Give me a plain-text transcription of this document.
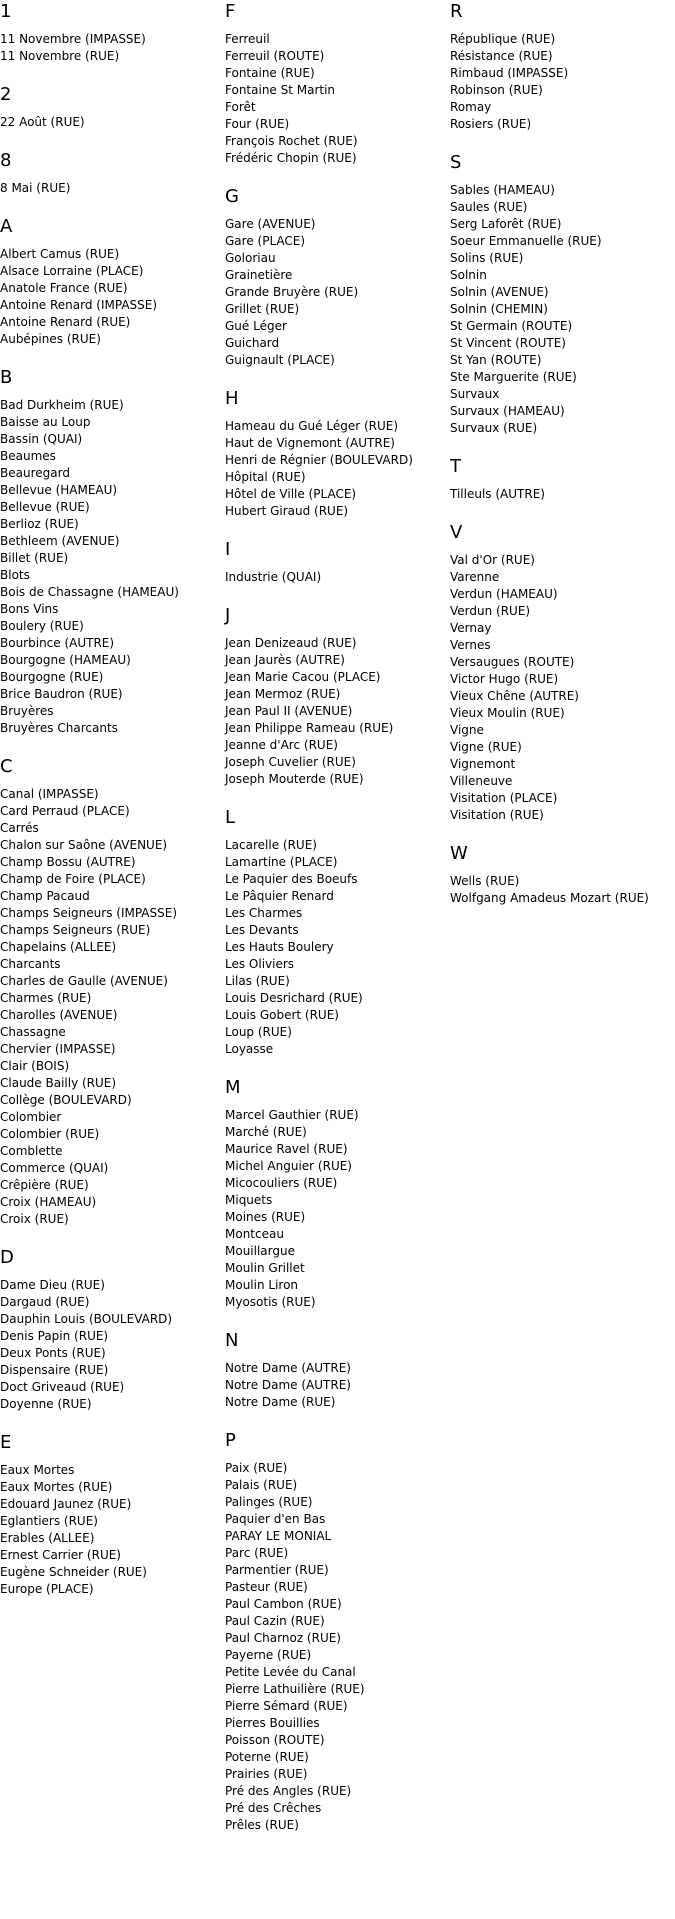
1
11 Novembre (IMPASSE)
11 Novembre (RUE)
2
22 Août (RUE)
8
8 Mai (RUE)
A
Albert Camus (RUE)
Alsace Lorraine (PLACE)
Anatole France (RUE)
Antoine Renard (IMPASSE)
Antoine Renard (RUE)
Aubépines (RUE)
B
Bad Durkheim (RUE)
Baisse au Loup
Bassin (QUAI)
Beaumes
Beauregard
Bellevue (HAMEAU)
Bellevue (RUE)
Berlioz (RUE)
Bethleem (AVENUE)
Billet (RUE)
Blots
Bois de Chassagne (HAMEAU)
Bons Vins
Boulery (RUE)
Bourbince (AUTRE)
Bourgogne (HAMEAU)
Bourgogne (RUE)
Brice Baudron (RUE)
Bruyères
Bruyères Charcants
C
Canal (IMPASSE)
Card Perraud (PLACE)
Carrés
Chalon sur Saône (AVENUE)
Champ Bossu (AUTRE)
Champ de Foire (PLACE)
Champ Pacaud
Champs Seigneurs (IMPASSE)
Champs Seigneurs (RUE)
Chapelains (ALLEE)
Charcants
Charles de Gaulle (AVENUE)
Charmes (RUE)
Charolles (AVENUE)
Chassagne
Chervier (IMPASSE)
Clair (BOIS)
Claude Bailly (RUE)
Collège (BOULEVARD)
Colombier
Colombier (RUE)
Comblette
Commerce (QUAI)
Crêpière (RUE)
Croix (HAMEAU)
Croix (RUE)
D
Dame Dieu (RUE)
Dargaud (RUE)
Dauphin Louis (BOULEVARD)
Denis Papin (RUE)
Deux Ponts (RUE)
Dispensaire (RUE)
Doct Griveaud (RUE)
Doyenne (RUE)
E
Eaux Mortes
Eaux Mortes (RUE)
Edouard Jaunez (RUE)
Eglantiers (RUE)
Erables (ALLEE)
Ernest Carrier (RUE)
Eugène Schneider (RUE)
Europe (PLACE)
F
Ferreuil
Ferreuil (ROUTE)
Fontaine (RUE)
Fontaine St Martin
Forêt
Four (RUE)
François Rochet (RUE)
Frédéric Chopin (RUE)
G
Gare (AVENUE)
Gare (PLACE)
Goloriau
Grainetière
Grande Bruyère (RUE)
Grillet (RUE)
Gué Léger
Guichard
Guignault (PLACE)
H
Hameau du Gué Léger (RUE)
Haut de Vignemont (AUTRE)
Henri de Régnier (BOULEVARD)
Hôpital (RUE)
Hôtel de Ville (PLACE)
Hubert Giraud (RUE)
I
Industrie (QUAI)
J
Jean Denizeaud (RUE)
Jean Jaurès (AUTRE)
Jean Marie Cacou (PLACE)
Jean Mermoz (RUE)
Jean Paul II (AVENUE)
Jean Philippe Rameau (RUE)
Jeanne d'Arc (RUE)
Joseph Cuvelier (RUE)
Joseph Mouterde (RUE)
L
Lacarelle (RUE)
Lamartine (PLACE)
Le Paquier des Boeufs
Le Pâquier Renard
Les Charmes
Les Devants
Les Hauts Boulery
Les Oliviers
Lilas (RUE)
Louis Desrichard (RUE)
Louis Gobert (RUE)
Loup (RUE)
Loyasse
M
Marcel Gauthier (RUE)
Marché (RUE)
Maurice Ravel (RUE)
Michel Anguier (RUE)
Micocouliers (RUE)
Miquets
Moines (RUE)
Montceau
Mouillargue
Moulin Grillet
Moulin Liron
Myosotis (RUE)
N
Notre Dame (AUTRE)
Notre Dame (AUTRE)
Notre Dame (RUE)
P
Paix (RUE)
Palais (RUE)
Palinges (RUE)
Paquier d'en Bas
PARAY LE MONIAL
Parc (RUE)
Parmentier (RUE)
Pasteur (RUE)
Paul Cambon (RUE)
Paul Cazin (RUE)
Paul Charnoz (RUE)
Payerne (RUE)
Petite Levée du Canal
Pierre Lathuilière (RUE)
Pierre Sémard (RUE)
Pierres Bouillies
Poisson (ROUTE)
Poterne (RUE)
Prairies (RUE)
Pré des Angles (RUE)
Pré des Crêches
Prêles (RUE)
R
République (RUE)
Résistance (RUE)
Rimbaud (IMPASSE)
Robinson (RUE)
Romay
Rosiers (RUE)
S
Sables (HAMEAU)
Saules (RUE)
Serg Laforêt (RUE)
Soeur Emmanuelle (RUE)
Solins (RUE)
Solnin
Solnin (AVENUE)
Solnin (CHEMIN)
St Germain (ROUTE)
St Vincent (ROUTE)
St Yan (ROUTE)
Ste Marguerite (RUE)
Survaux
Survaux (HAMEAU)
Survaux (RUE)
T
Tilleuls (AUTRE)
V
Val d'Or (RUE)
Varenne
Verdun (HAMEAU)
Verdun (RUE)
Vernay
Vernes
Versaugues (ROUTE)
Victor Hugo (RUE)
Vieux Chêne (AUTRE)
Vieux Moulin (RUE)
Vigne
Vigne (RUE)
Vignemont
Villeneuve
Visitation (PLACE)
Visitation (RUE)
W
Wells (RUE)
Wolfgang Amadeus Mozart (RUE)
